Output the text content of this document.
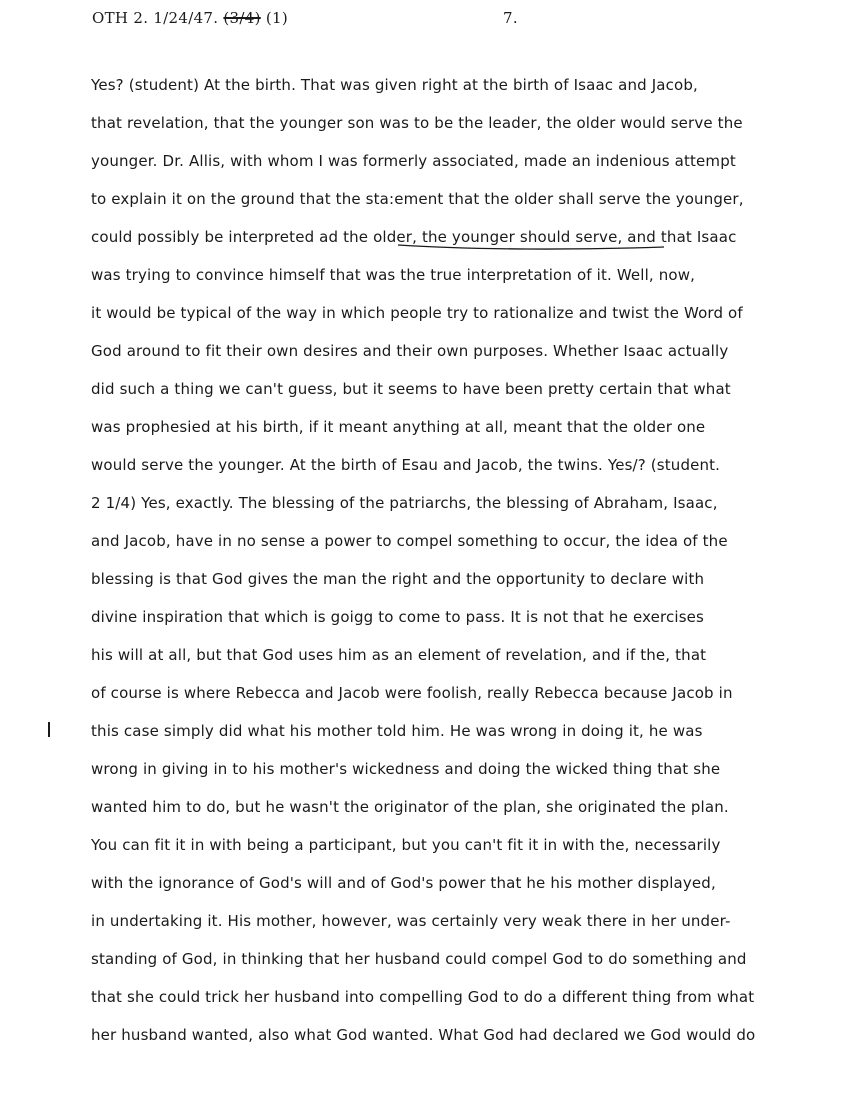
OTH 2. 1/24/47. (3/4) (1)	7.
Yes? (student) At the birth. That was given right at the birth of Isaac and Jacob,
that revelation, that the younger son was to be the leader, the older would serve the
younger. Dr. Allis, with whom I was formerly associated, made an indenious attempt
to explain it on the ground that the sta:ement that the older shall serve the younger,
could possibly be interpreted ad the older, the younger should serve, and that Isaac
was trying to convince himself that was the true interpretation of it. Well, now,
it would be typical of the way in which people try to rationalize and twist the Word of
God around to fit their own desires and their own purposes. Whether Isaac actually
did such a thing we can't guess, but it seems to have been pretty certain that what
was prophesied at his birth, if it meant anything at all, meant that the older one
would serve the younger. At the birth of Esau and Jacob, the twins. Yes/? (student.
2 1/4) Yes, exactly. The blessing of the patriarchs, the blessing of Abraham, Isaac,
and Jacob, have in no sense a power to compel something to occur, the idea of the
blessing is that God gives the man the right and the opportunity to declare with
divine inspiration that which is goigg to come to pass. It is not that he exercises
his will at all, but that God uses him as an element of revelation, and if the, that
of course is where Rebecca and Jacob were foolish, really Rebecca because Jacob in
this case simply did what his mother told him. He was wrong in doing it, he was
wrong in giving in to his mother's wickedness and doing the wicked thing that she
wanted him to do, but he wasn't the originator of the plan, she originated the plan.
You can fit it in with being a participant, but you can't fit it in with the, necessarily
with the ignorance of God's will and of God's power that he his mother displayed,
in undertaking it. His mother, however, was certainly very weak there in her under-
standing of God, in thinking that her husband could compel God to do something and
that she could trick her husband into compelling God to do a different thing from what
her husband wanted, also what God wanted. What God had declared we God would do
